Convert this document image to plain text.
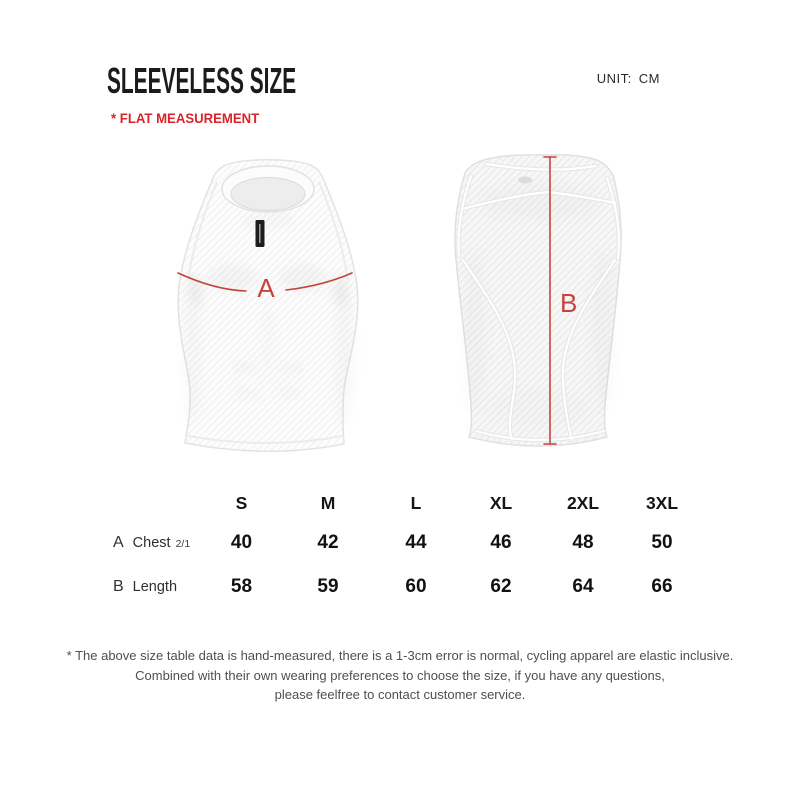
SLEEVELESS SIZE	UNIT: CM
* FLAT MEASUREMENT
A	B
S	M	L	XL	2XL	3XL
A Chest 2/1	40	42	44	46	48	50
B Length	58	59	60	62	64	66

* The above size table data is hand-measured, there is a 1-3cm error is normal, cycling apparel are elastic inclusive.

Combined with their own wearing preferences to choose the size, if you have any questions,

please feelfree to contact customer service.
